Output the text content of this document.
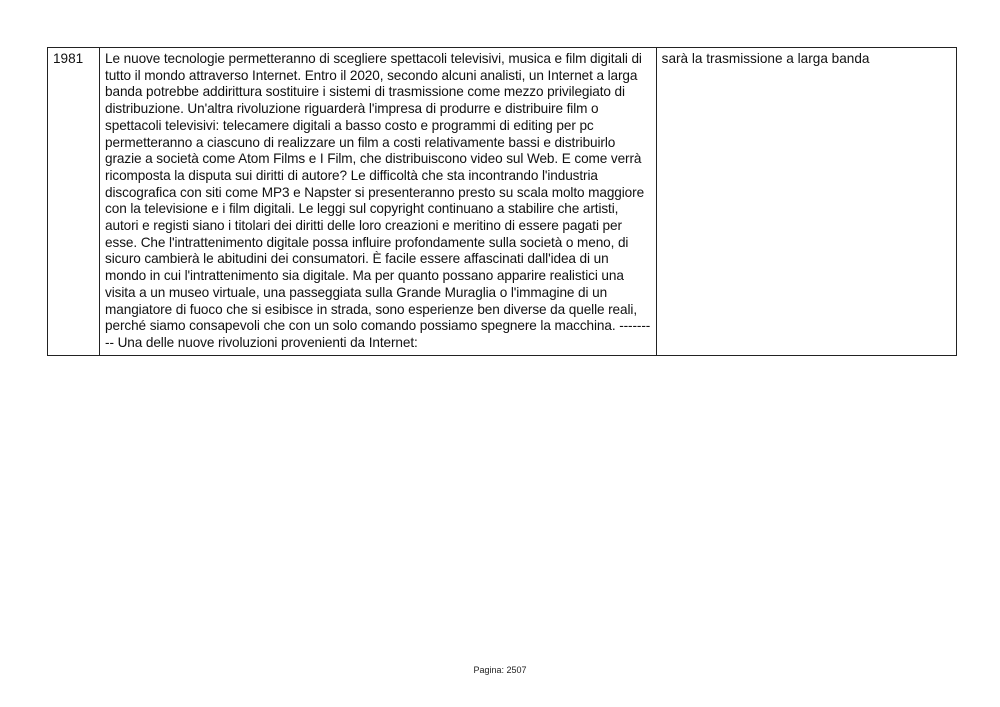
1981	Le nuove tecnologie permetteranno di scegliere spettacoli televisivi, musica e film digitali di tutto il mondo attraverso Internet. Entro il 2020, secondo alcuni analisti, un Internet a larga banda potrebbe addirittura sostituire i sistemi di trasmissione come mezzo privilegiato di distribuzione. Un'altra rivoluzione riguarderà l'impresa di produrre e distribuire film o spettacoli televisivi: telecamere digitali a basso costo e programmi di editing per pc permetteranno a ciascuno di realizzare un film a costi relativamente bassi e distribuirlo grazie a società come Atom Films e I Film, che distribuiscono video sul Web. E come verrà ricomposta la disputa sui diritti di autore? Le difficoltà che sta incontrando l'industria discografica con siti come MP3 e Napster si presenteranno presto su scala molto maggiore con la televisione e i film digitali. Le leggi sul copyright continuano a stabilire che artisti, autori e registi siano i titolari dei diritti delle loro creazioni e meritino di essere pagati per esse. Che l'intrattenimento digitale possa influire profondamente sulla società o meno, di sicuro cambierà le abitudini dei consumatori. È facile essere affascinati dall'idea di un mondo in cui l'intrattenimento sia digitale. Ma per quanto possano apparire realistici una visita a un museo virtuale, una passeggiata sulla Grande Muraglia o l'immagine di un mangiatore di fuoco che si esibisce in strada, sono esperienze ben diverse da quelle reali, perché siamo consapevoli che con un solo comando possiamo spegnere la macchina. --------- Una delle nuove rivoluzioni provenienti da Internet:	sarà la trasmissione a larga banda
Pagina: 2507
